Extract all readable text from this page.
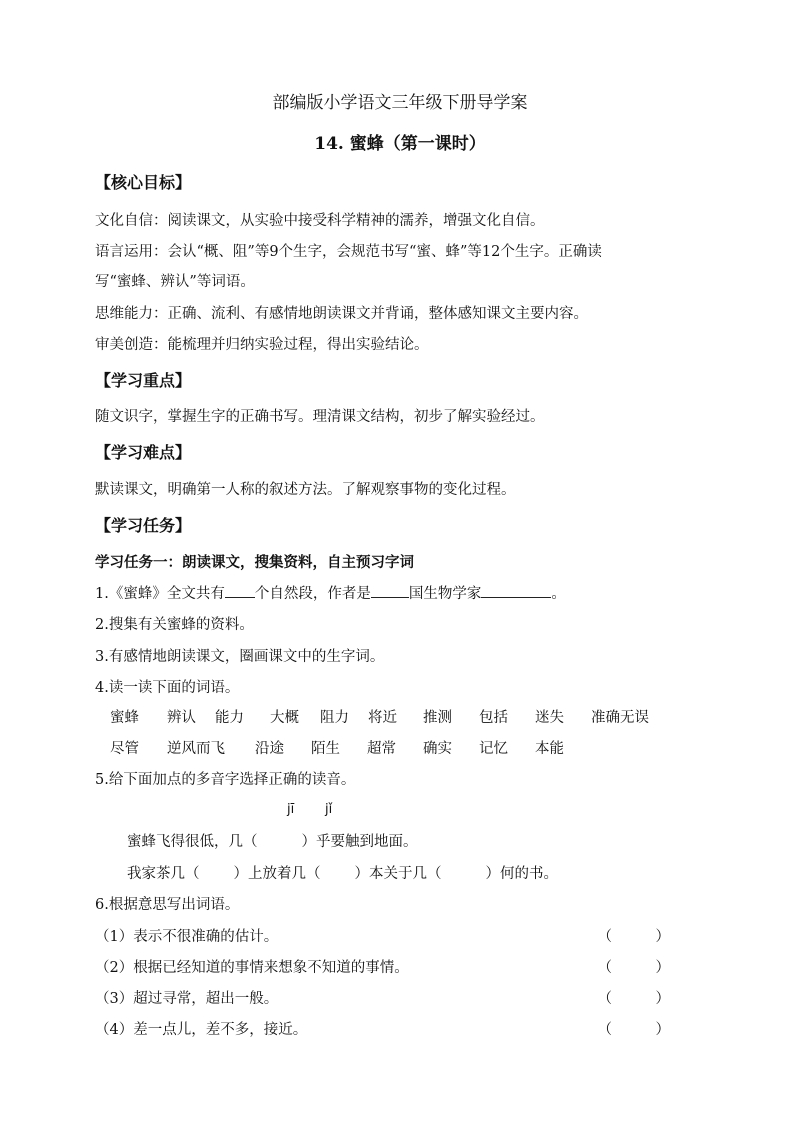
部编版小学语文三年级下册导学案
14. 蜜蜂（第一课时）
【核心目标】
文化自信：阅读课文，从实验中接受科学精神的濡养，增强文化自信。
语言运用：会认“概、阻”等9个生字，会规范书写“蜜、蜂”等12个生字。正确读
写“蜜蜂、辨认”等词语。
思维能力：正确、流利、有感情地朗读课文并背诵，整体感知课文主要内容。
审美创造：能梳理并归纳实验过程，得出实验结论。
【学习重点】
随文识字，掌握生字的正确书写。理清课文结构，初步了解实验经过。
【学习难点】
默读课文，明确第一人称的叙述方法。了解观察事物的变化过程。
【学习任务】
学习任务一：朗读课文，搜集资料，自主预习字词
1.《蜜蜂》全文共有 个自然段，作者是	国生物学家	。
2.搜集有关蜜蜂的资料。
3.有感情地朗读课文，圈画课文中的生字词。
4.读一读下面的词语。
蜜蜂 辨认 能力 大概 阻力 将近 推测 包括 迷失 准确无误
尽管 逆风而飞 沿途 陌生 超常 确实 记忆 本能
5.给下面加点的多音字选择正确的读音。
jī jǐ
蜜蜂飞得很低，几（	）乎要触到地面。
我家茶几（ ）上放着几（ ）本关于几（	）何的书。
6.根据意思写出词语。
（1）表示不很准确的估计。	（　　　）
（2）根据已经知道的事情来想象不知道的事情。	（　　　）
（3）超过寻常，超出一般。	（　　　）
（4）差一点儿，差不多，接近。	（　　　）
